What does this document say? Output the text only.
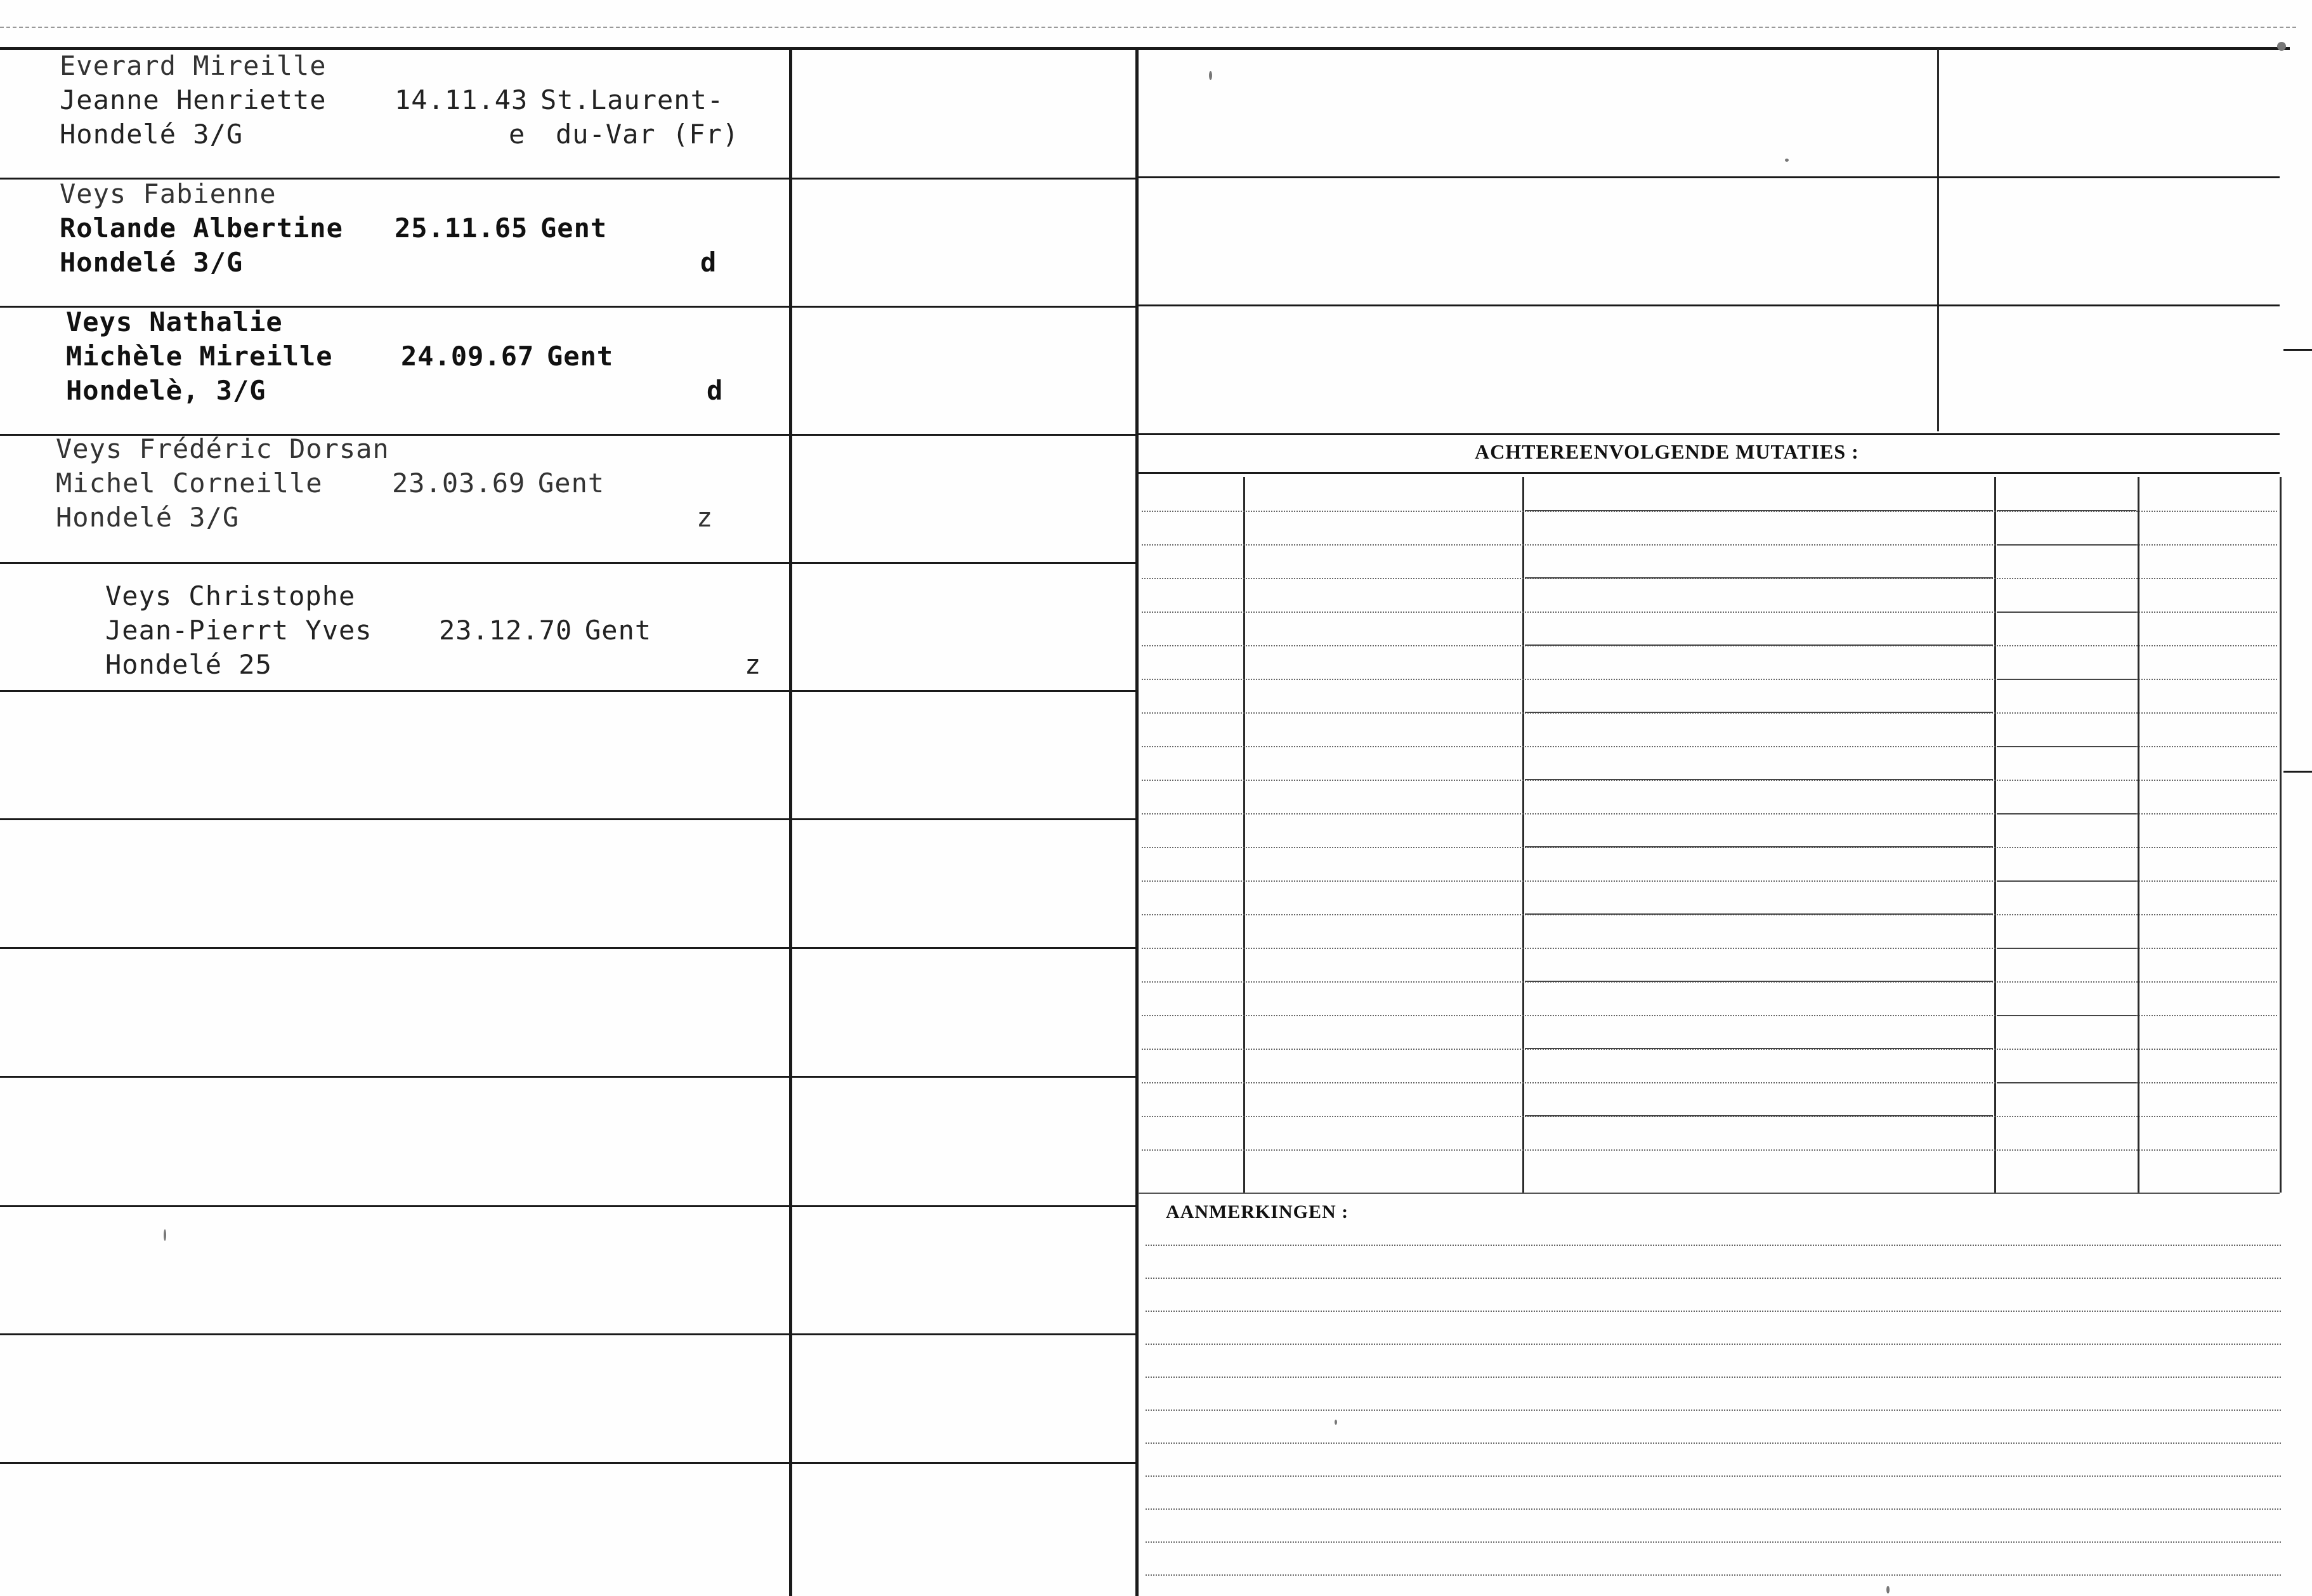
ACHTEREENVOLGENDE MUTATIES :
AANMERKINGEN :
Everard Mireille
Jeanne Henriette
Hondelé 3/G
14.11.43 St.Laurent-
du-Var (Fr)
e
Veys Fabienne
Rolande Albertine
Hondelé 3/G
25.11.65 Gent
d
Veys Nathalie
Michèle Mireille
Hondelè, 3/G
24.09.67 Gent
d
Veys Frédéric Dorsan
Michel Corneille
Hondelé 3/G
23.03.69 Gent
z
Veys Christophe
Jean-Pierrt Yves
Hondelé 25
23.12.70 Gent
z
